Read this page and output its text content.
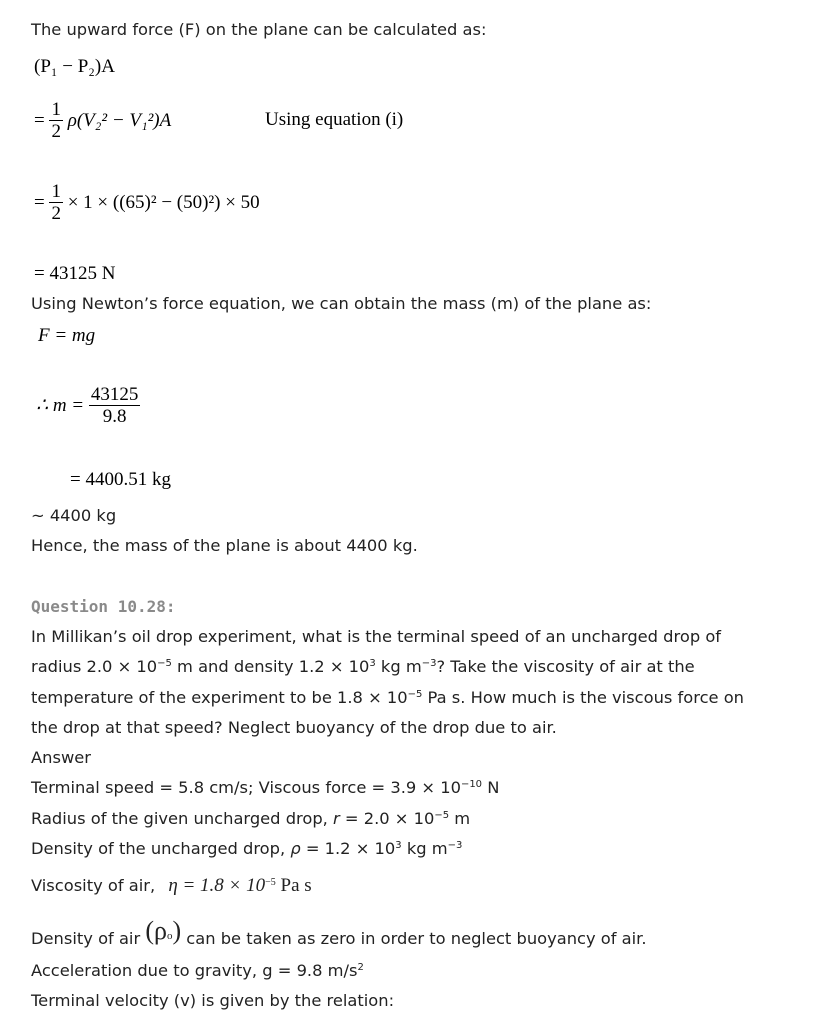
The upward force (F) on the plane can be calculated as:
(P₁ − P₂)A
= $\frac{1}{2} \rho(V_2^2 - V_1^2)A$	Using equation (i)
= $\frac{1}{2} \times 1 \times ((65)^2 - (50)^2) \times 50$
= 43125 N
Using Newton’s force equation, we can obtain the mass (m) of the plane as:
F = mg
∴ $m = \frac{43125}{9.8}$
= 4400.51 kg
~ 4400 kg
Hence, the mass of the plane is about 4400 kg.
Question 10.28:
In Millikan’s oil drop experiment, what is the terminal speed of an uncharged drop of
radius $2.0 \times 10^{-5}$ m and density $1.2 \times 10^3$ kg $m^{-3}$? Take the viscosity of air at the
temperature of the experiment to be $1.8 \times 10^{-5}$ Pa s. How much is the viscous force on
the drop at that speed? Neglect buoyancy of the drop due to air.
Answer
Terminal speed = 5.8 cm/s; Viscous force = $3.9 \times 10^{-10}$ N
Radius of the given uncharged drop, $r = 2.0 \times 10^{-5}$ m
Density of the uncharged drop, $\rho = 1.2 \times 10^3$ kg $m^{-3}$
Viscosity of air, $\eta = 1.8 \times 10^{-5}$ Pa s
Density of air $(\rho_o)$ can be taken as zero in order to neglect buoyancy of air.
Acceleration due to gravity, g = 9.8 $m/s^2$
Terminal velocity (v) is given by the relation:
